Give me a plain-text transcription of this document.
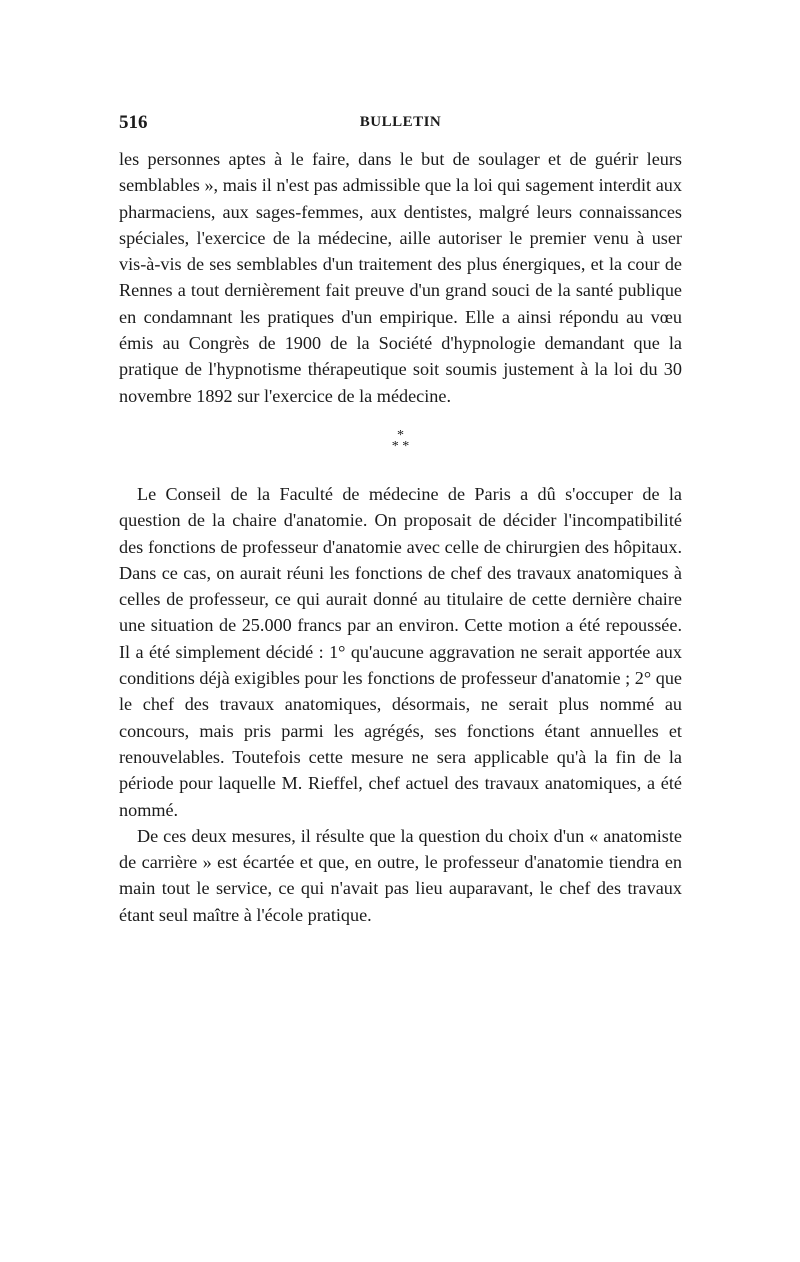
516	BULLETIN

les personnes aptes à le faire, dans le but de soulager et de guérir leurs semblables », mais il n'est pas admissible que la loi qui sagement interdit aux pharmaciens, aux sages-femmes, aux dentistes, malgré leurs connaissances spéciales, l'exercice de la médecine, aille autoriser le premier venu à user vis-à-vis de ses semblables d'un traitement des plus énergiques, et la cour de Rennes a tout dernièrement fait preuve d'un grand souci de la santé publique en condamnant les pratiques d'un empirique. Elle a ainsi répondu au vœu émis au Congrès de 1900 de la Société d'hypnologie demandant que la pratique de l'hypnotisme thérapeutique soit soumis justement à la loi du 30 novembre 1892 sur l'exercice de la médecine.

*
* *

Le Conseil de la Faculté de médecine de Paris a dû s'occuper de la question de la chaire d'anatomie. On proposait de décider l'incompatibilité des fonctions de professeur d'anatomie avec celle de chirurgien des hôpitaux. Dans ce cas, on aurait réuni les fonctions de chef des travaux anatomiques à celles de professeur, ce qui aurait donné au titulaire de cette dernière chaire une situation de 25.000 francs par an environ. Cette motion a été repoussée. Il a été simplement décidé : 1° qu'aucune aggravation ne serait apportée aux conditions déjà exigibles pour les fonctions de professeur d'anatomie ; 2° que le chef des travaux anatomiques, désormais, ne serait plus nommé au concours, mais pris parmi les agrégés, ses fonctions étant annuelles et renouvelables. Toutefois cette mesure ne sera applicable qu'à la fin de la période pour laquelle M. Rieffel, chef actuel des travaux anatomiques, a été nommé.

De ces deux mesures, il résulte que la question du choix d'un « anatomiste de carrière » est écartée et que, en outre, le professeur d'anatomie tiendra en main tout le service, ce qui n'avait pas lieu auparavant, le chef des travaux étant seul maître à l'école pratique.
